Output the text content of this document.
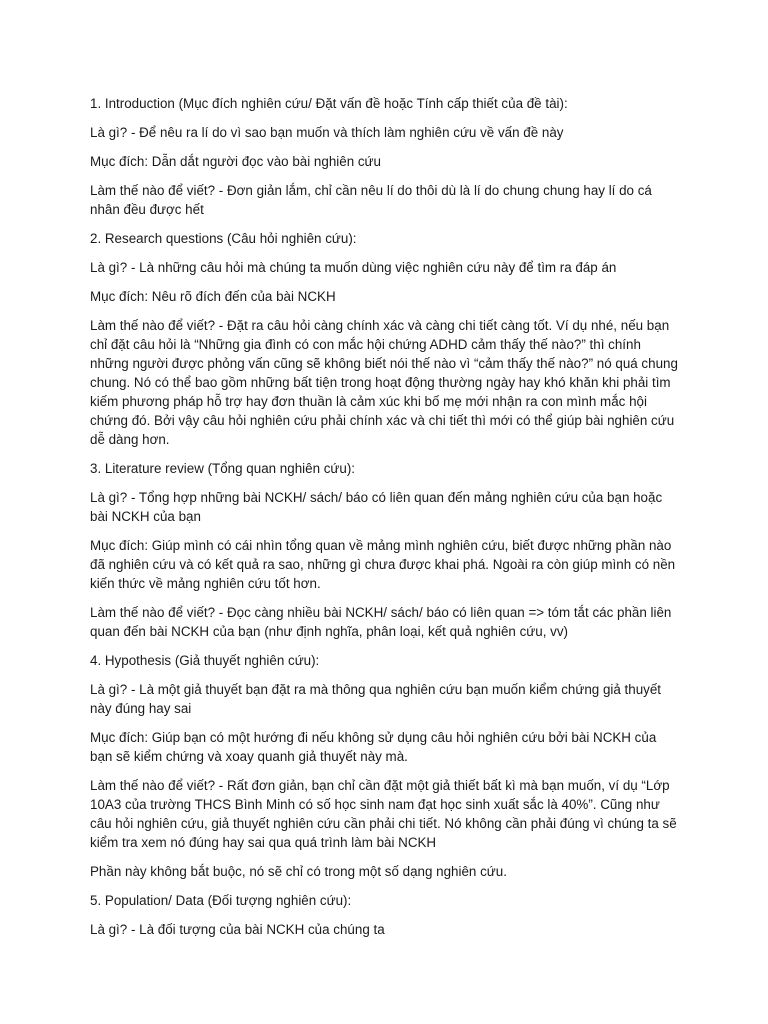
1. Introduction (Mục đích nghiên cứu/ Đặt vấn đề hoặc Tính cấp thiết của đề tài):

Là gì? - Để nêu ra lí do vì sao bạn muốn và thích làm nghiên cứu về vấn đề này

Mục đích: Dẫn dắt người đọc vào bài nghiên cứu

Làm thế nào để viết? - Đơn giản lắm, chỉ cần nêu lí do thôi dù là lí do chung chung hay lí do cá nhân đều được hết

2. Research questions (Câu hỏi nghiên cứu):

Là gì? - Là những câu hỏi mà chúng ta muốn dùng việc nghiên cứu này để tìm ra đáp án

Mục đích: Nêu rõ đích đến của bài NCKH

Làm thế nào để viết? - Đặt ra câu hỏi càng chính xác và càng chi tiết càng tốt. Ví dụ nhé, nếu bạn chỉ đặt câu hỏi là “Những gia đình có con mắc hội chứng ADHD cảm thấy thế nào?” thì chính những người được phỏng vấn cũng sẽ không biết nói thế nào vì “cảm thấy thế nào?” nó quá chung chung. Nó có thể bao gồm những bất tiện trong hoạt động thường ngày hay khó khăn khi phải tìm kiếm phương pháp hỗ trợ hay đơn thuần là cảm xúc khi bố mẹ mới nhận ra con mình mắc hội chứng đó. Bởi vậy câu hỏi nghiên cứu phải chính xác và chi tiết thì mới có thể giúp bài nghiên cứu dễ dàng hơn.

3. Literature review (Tổng quan nghiên cứu):

Là gì? - Tổng hợp những bài NCKH/ sách/ báo có liên quan đến mảng nghiên cứu của bạn hoặc bài NCKH của bạn

Mục đích: Giúp mình có cái nhìn tổng quan về mảng mình nghiên cứu, biết được những phần nào đã nghiên cứu và có kết quả ra sao, những gì chưa được khai phá. Ngoài ra còn giúp mình có nền kiến thức về mảng nghiên cứu tốt hơn.

Làm thế nào để viết? - Đọc càng nhiều bài NCKH/ sách/ báo có liên quan => tóm tắt các phần liên quan đến bài NCKH của bạn (như định nghĩa, phân loại, kết quả nghiên cứu, vv)

4. Hypothesis (Giả thuyết nghiên cứu):

Là gì? - Là một giả thuyết bạn đặt ra mà thông qua nghiên cứu bạn muốn kiểm chứng giả thuyết này đúng hay sai

Mục đích: Giúp bạn có một hướng đi nếu không sử dụng câu hỏi nghiên cứu bởi bài NCKH của bạn sẽ kiểm chứng và xoay quanh giả thuyết này mà.

Làm thế nào để viết? - Rất đơn giản, bạn chỉ cần đặt một giả thiết bất kì mà bạn muốn, ví dụ “Lớp 10A3 của trường THCS Bình Minh có số học sinh nam đạt học sinh xuất sắc là 40%”. Cũng như câu hỏi nghiên cứu, giả thuyết nghiên cứu cần phải chi tiết. Nó không cần phải đúng vì chúng ta sẽ kiểm tra xem nó đúng hay sai qua quá trình làm bài NCKH

Phần này không bắt buộc, nó sẽ chỉ có trong một số dạng nghiên cứu.

5. Population/ Data (Đối tượng nghiên cứu):

Là gì? - Là đối tượng của bài NCKH của chúng ta
